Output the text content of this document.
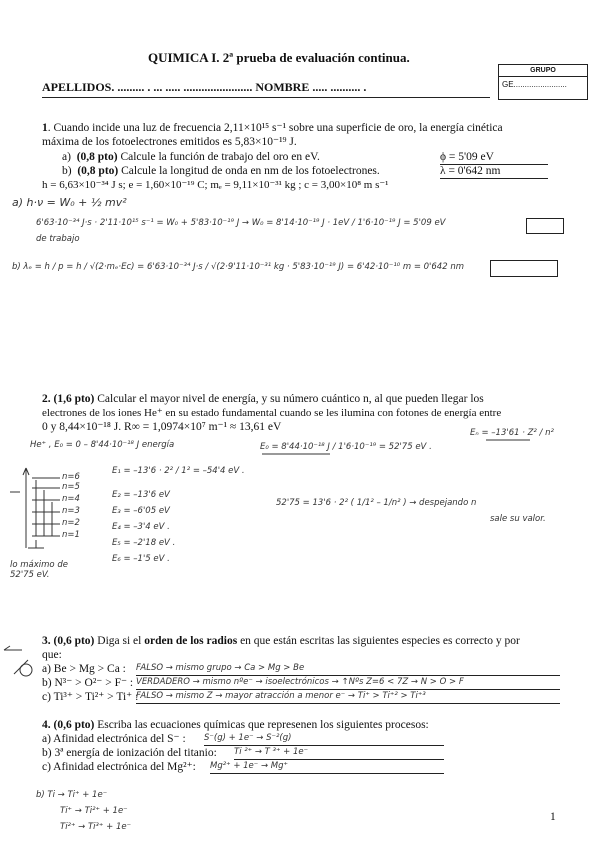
QUIMICA I. 2ª prueba de evaluación continua.
APELLIDOS. ......... . ... ..... ....................... NOMBRE ..... .......... .
GRUPO
GE........................
1. Cuando incide una luz de frecuencia 2,11×10¹⁵ s⁻¹ sobre una superficie de oro, la energía cinética
máxima de los fotoelectrones emitidos es 5,83×10⁻¹⁹ J.
a) (0,8 pto) Calcule la función de trabajo del oro en eV.	ϕ = 5'09 eV
b) (0,8 pto) Calcule la longitud de onda en nm de los fotoelectrones.	λ = 0'642 nm
h = 6,63×10⁻³⁴ J s; e = 1,60×10⁻¹⁹ C; mₑ = 9,11×10⁻³¹ kg ; c = 3,00×10⁸ m s⁻¹
a) h·ν = W₀ + ½ mv²
6'63·10⁻³⁴ J·s · 2'11·10¹⁵ s⁻¹ = W₀ + 5'83·10⁻¹⁹ J → W₀ = 8'14·10⁻¹⁹ J · 1eV / 1'6·10⁻¹⁹ J = 5'09 eV
de trabajo
b) λₑ = h / p = h / √(2·mₑ·Ec) = 6'63·10⁻³⁴ J·s / √(2·9'11·10⁻³¹ kg · 5'83·10⁻¹⁹ J) = 6'42·10⁻¹⁰ m = 0'642 nm
2. (1,6 pto) Calcular el mayor nivel de energía, y su número cuántico n, al que pueden llegar los
electrones de los iones He⁺ en su estado fundamental cuando se les ilumina con fotones de energía entre
0 y 8,44×10⁻¹⁸ J. R∞ = 1,0974×10⁷ m⁻¹ ≈ 13,61 eV
He⁺ , E₀ = 0 – 8'44·10⁻¹⁸ J energía	E₀ = 8'44·10⁻¹⁸ J / 1'6·10⁻¹⁹ = 52'75 eV .
Eₙ = –13'61 · Z² / n²
n=6
n=5
n=4
n=3
n=2
n=1
E₁ = –13'6 · 2² / 1² = –54'4 eV .
E₂ = –13'6 eV
E₃ = –6'05 eV
E₄ = –3'4 eV .
E₅ = –2'18 eV .
E₆ = –1'5 eV .
52'75 = 13'6 · 2² ( 1/1² – 1/n² ) → despejando n
sale su valor.
lo máximo de 52'75 eV.
3. (0,6 pto) Diga si el orden de los radios en que están escritas las siguientes especies es correcto y por
que:
a) Be > Mg > Ca : FALSO → mismo grupo → Ca > Mg > Be
b) N³⁻ > O²⁻ > F⁻ : VERDADERO → mismo nºe⁻ → isoelectrónicos → ↑Nºs Z=6 < 7Z → N > O > F
c) Ti³⁺ > Ti²⁺ > Ti⁺ :
FALSO → mismo Z → mayor atracción a menor e⁻ → Ti⁺ > Ti⁺² > Ti⁺³
4. (0,6 pto) Escriba las ecuaciones químicas que represenen los siguientes procesos:
a) Afinidad electrónica del S⁻ : S⁻(g) + 1e⁻ → S⁻²(g)
b) 3ª energía de ionización del titanio: Ti ²⁺ → T ³⁺ + 1e⁻
c) Afinidad electrónica del Mg²⁺: Mg²⁺ + 1e⁻ → Mg⁺
b) Ti → Ti⁺ + 1e⁻
Ti⁺ → Ti²⁺ + 1e⁻
Ti²⁺ → Ti³⁺ + 1e⁻
1
